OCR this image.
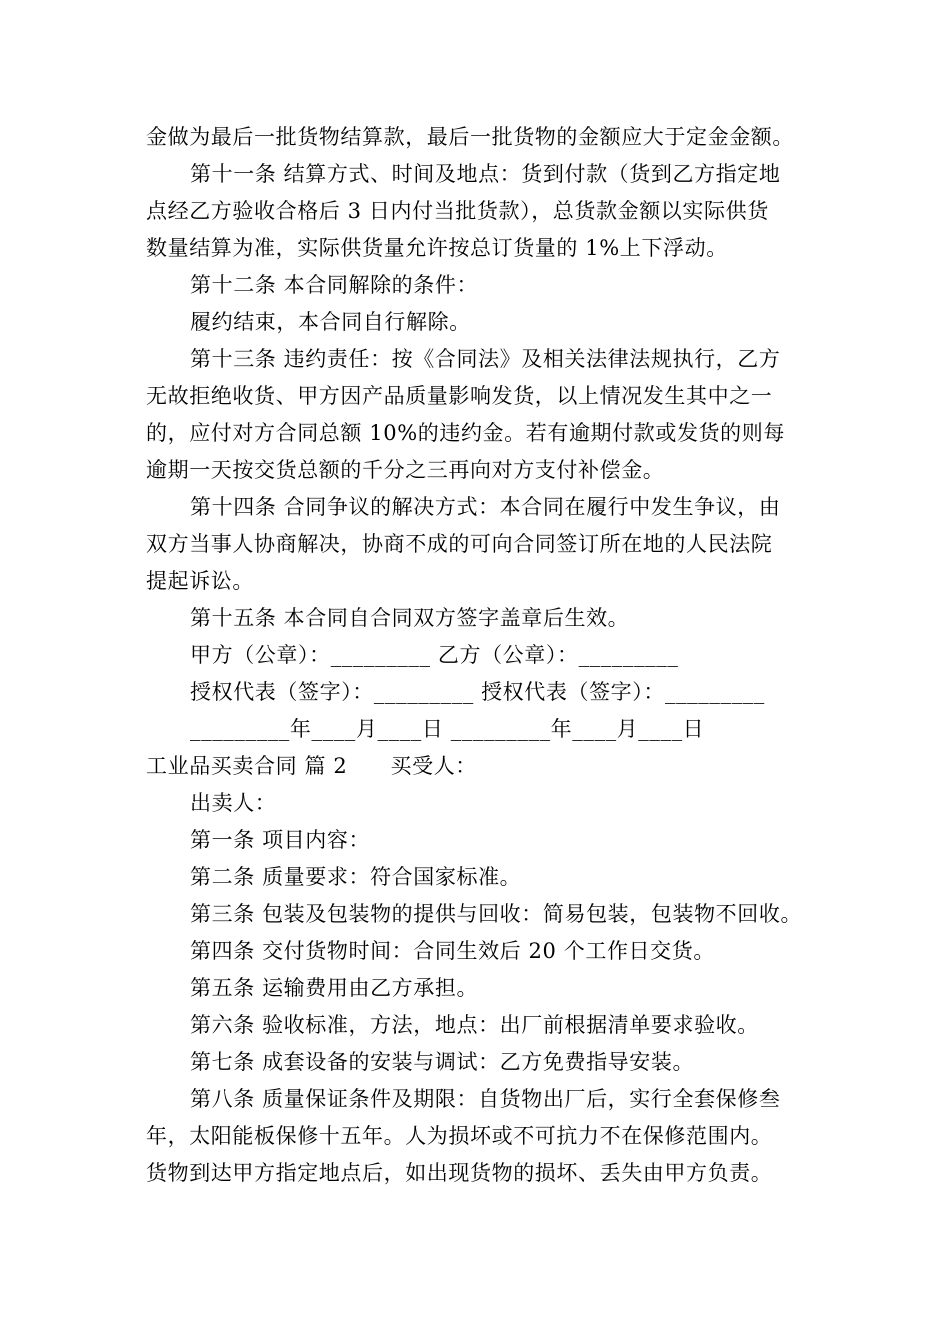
金做为最后一批货物结算款，最后一批货物的金额应大于定金金额。
第十一条 结算方式、时间及地点：货到付款（货到乙方指定地
点经乙方验收合格后 3 日内付当批货款），总货款金额以实际供货
数量结算为准，实际供货量允许按总订货量的 1%上下浮动。
第十二条 本合同解除的条件：
履约结束，本合同自行解除。
第十三条 违约责任：按《合同法》及相关法律法规执行，乙方
无故拒绝收货、甲方因产品质量影响发货，以上情况发生其中之一
的，应付对方合同总额 10%的违约金。若有逾期付款或发货的则每
逾期一天按交货总额的千分之三再向对方支付补偿金。
第十四条 合同争议的解决方式：本合同在履行中发生争议，由
双方当事人协商解决，协商不成的可向合同签订所在地的人民法院
提起诉讼。
第十五条 本合同自合同双方签字盖章后生效。
甲方（公章）：_________ 乙方（公章）：_________
授权代表（签字）：_________ 授权代表（签字）：_________
_________年____月____日 _________年____月____日
工业品买卖合同 篇 2　　买受人：
出卖人：
第一条 项目内容：
第二条 质量要求：符合国家标准。
第三条 包装及包装物的提供与回收：简易包装，包装物不回收。
第四条 交付货物时间：合同生效后 20 个工作日交货。
第五条 运输费用由乙方承担。
第六条 验收标准，方法，地点：出厂前根据清单要求验收。
第七条 成套设备的安装与调试：乙方免费指导安装。
第八条 质量保证条件及期限：自货物出厂后，实行全套保修叁
年，太阳能板保修十五年。人为损坏或不可抗力不在保修范围内。
货物到达甲方指定地点后，如出现货物的损坏、丢失由甲方负责。
